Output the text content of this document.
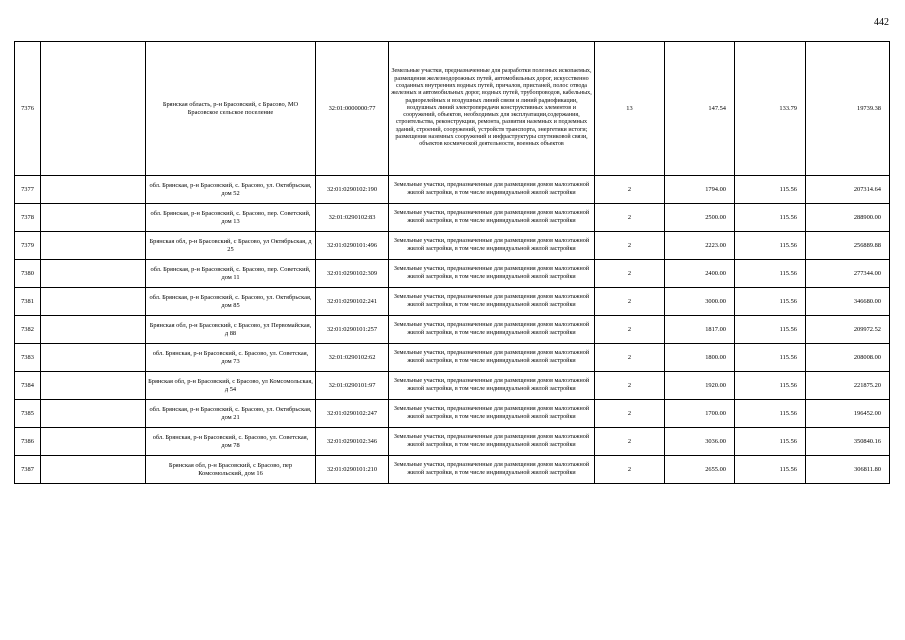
442
7376		Брянская область, р-н Брасовский, с Брасово, МО Брасовское сельское поселение	32:01:0000000:77	Земельные участки, предназначенные для разработки полезных ископаемых, размещения железнодорожных путей, автомобильных дорог, искусственно созданных внутренних водных путей, причалов, пристаней, полос отвода железных и автомобильных дорог, водных путей, трубопроводов, кабельных, радиорелейных и воздушных линий связи и линий радиофикации, воздушных линий электропередачи конструктивных элементов и сооружений, объектов, необходимых для эксплуатации,содержания, строительства, реконструкции, ремонта, развития наземных и подземных зданий, строений, сооружений, устройств транспорта, энергетики истоги; размещения наземных сооружений и инфраструктуры спутниковой связи, объектов космической деятельности, военных объектов	13	147.54	133.79	19739.38
7377		обл. Брянская, р-н Брасовский, с. Брасово, ул. Октябрьская, дом 52	32:01:0290102:190	Земельные участки, предназначенные для размещения домов малоэтажной жилой застройки, в том числе индивидуальной жилой застройки	2	1794.00	115.56	207314.64
7378		обл. Брянская, р-н Брасовский, с. Брасово, пер. Советский, дом 13	32:01:0290102:83	Земельные участки, предназначенные для размещения домов малоэтажной жилой застройки, в том числе индивидуальной жилой застройки	2	2500.00	115.56	288900.00
7379		Брянская обл, р-н Брасовский, с Брасово, ул Октябрьская, д 25	32:01:0290101:496	Земельные участки, предназначенные для размещения домов малоэтажной жилой застройки, в том числе индивидуальной жилой застройки	2	2223.00	115.56	256889.88
7380		обл. Брянская, р-н Брасовский, с. Брасово, пер. Советский, дом 11	32:01:0290102:309	Земельные участки, предназначенные для размещения домов малоэтажной жилой застройки, в том числе индивидуальной жилой застройки	2	2400.00	115.56	277344.00
7381		обл. Брянская, р-н Брасовский, с. Брасово, ул. Октябрьская, дом 85	32:01:0290102:241	Земельные участки, предназначенные для размещения домов малоэтажной жилой застройки, в том числе индивидуальной жилой застройки	2	3000.00	115.56	346680.00
7382		Брянская обл, р-н Брасовский, с Брасово, ул Первомайская, д 88	32:01:0290101:257	Земельные участки, предназначенные для размещения домов малоэтажной жилой застройки, в том числе индивидуальной жилой застройки	2	1817.00	115.56	209972.52
7383		обл. Брянская, р-н Брасовский, с. Брасово, ул. Советская, дом 73	32:01:0290102:62	Земельные участки, предназначенные для размещения домов малоэтажной жилой застройки, в том числе индивидуальной жилой застройки	2	1800.00	115.56	208008.00
7384		Брянская обл, р-н Брасовский, с Брасово, ул Комсомольская, д 54	32:01:0290101:97	Земельные участки, предназначенные для размещения домов малоэтажной жилой застройки, в том числе индивидуальной жилой застройки	2	1920.00	115.56	221875.20
7385		обл. Брянская, р-н Брасовский, с. Брасово, ул. Октябрьская, дом 21	32:01:0290102:247	Земельные участки, предназначенные для размещения домов малоэтажной жилой застройки, в том числе индивидуальной жилой застройки	2	1700.00	115.56	196452.00
7386		обл. Брянская, р-н Брасовский, с. Брасово, ул. Советская, дом 78	32:01:0290102:346	Земельные участки, предназначенные для размещения домов малоэтажной жилой застройки, в том числе индивидуальной жилой застройки	2	3036.00	115.56	350840.16
7387		Брянская обл, р-н Брасовский, с Брасово, пер Комсомольский, дом 16	32:01:0290101:210	Земельные участки, предназначенные для размещения домов малоэтажной жилой застройки, в том числе индивидуальной жилой застройки	2	2655.00	115.56	306811.80
